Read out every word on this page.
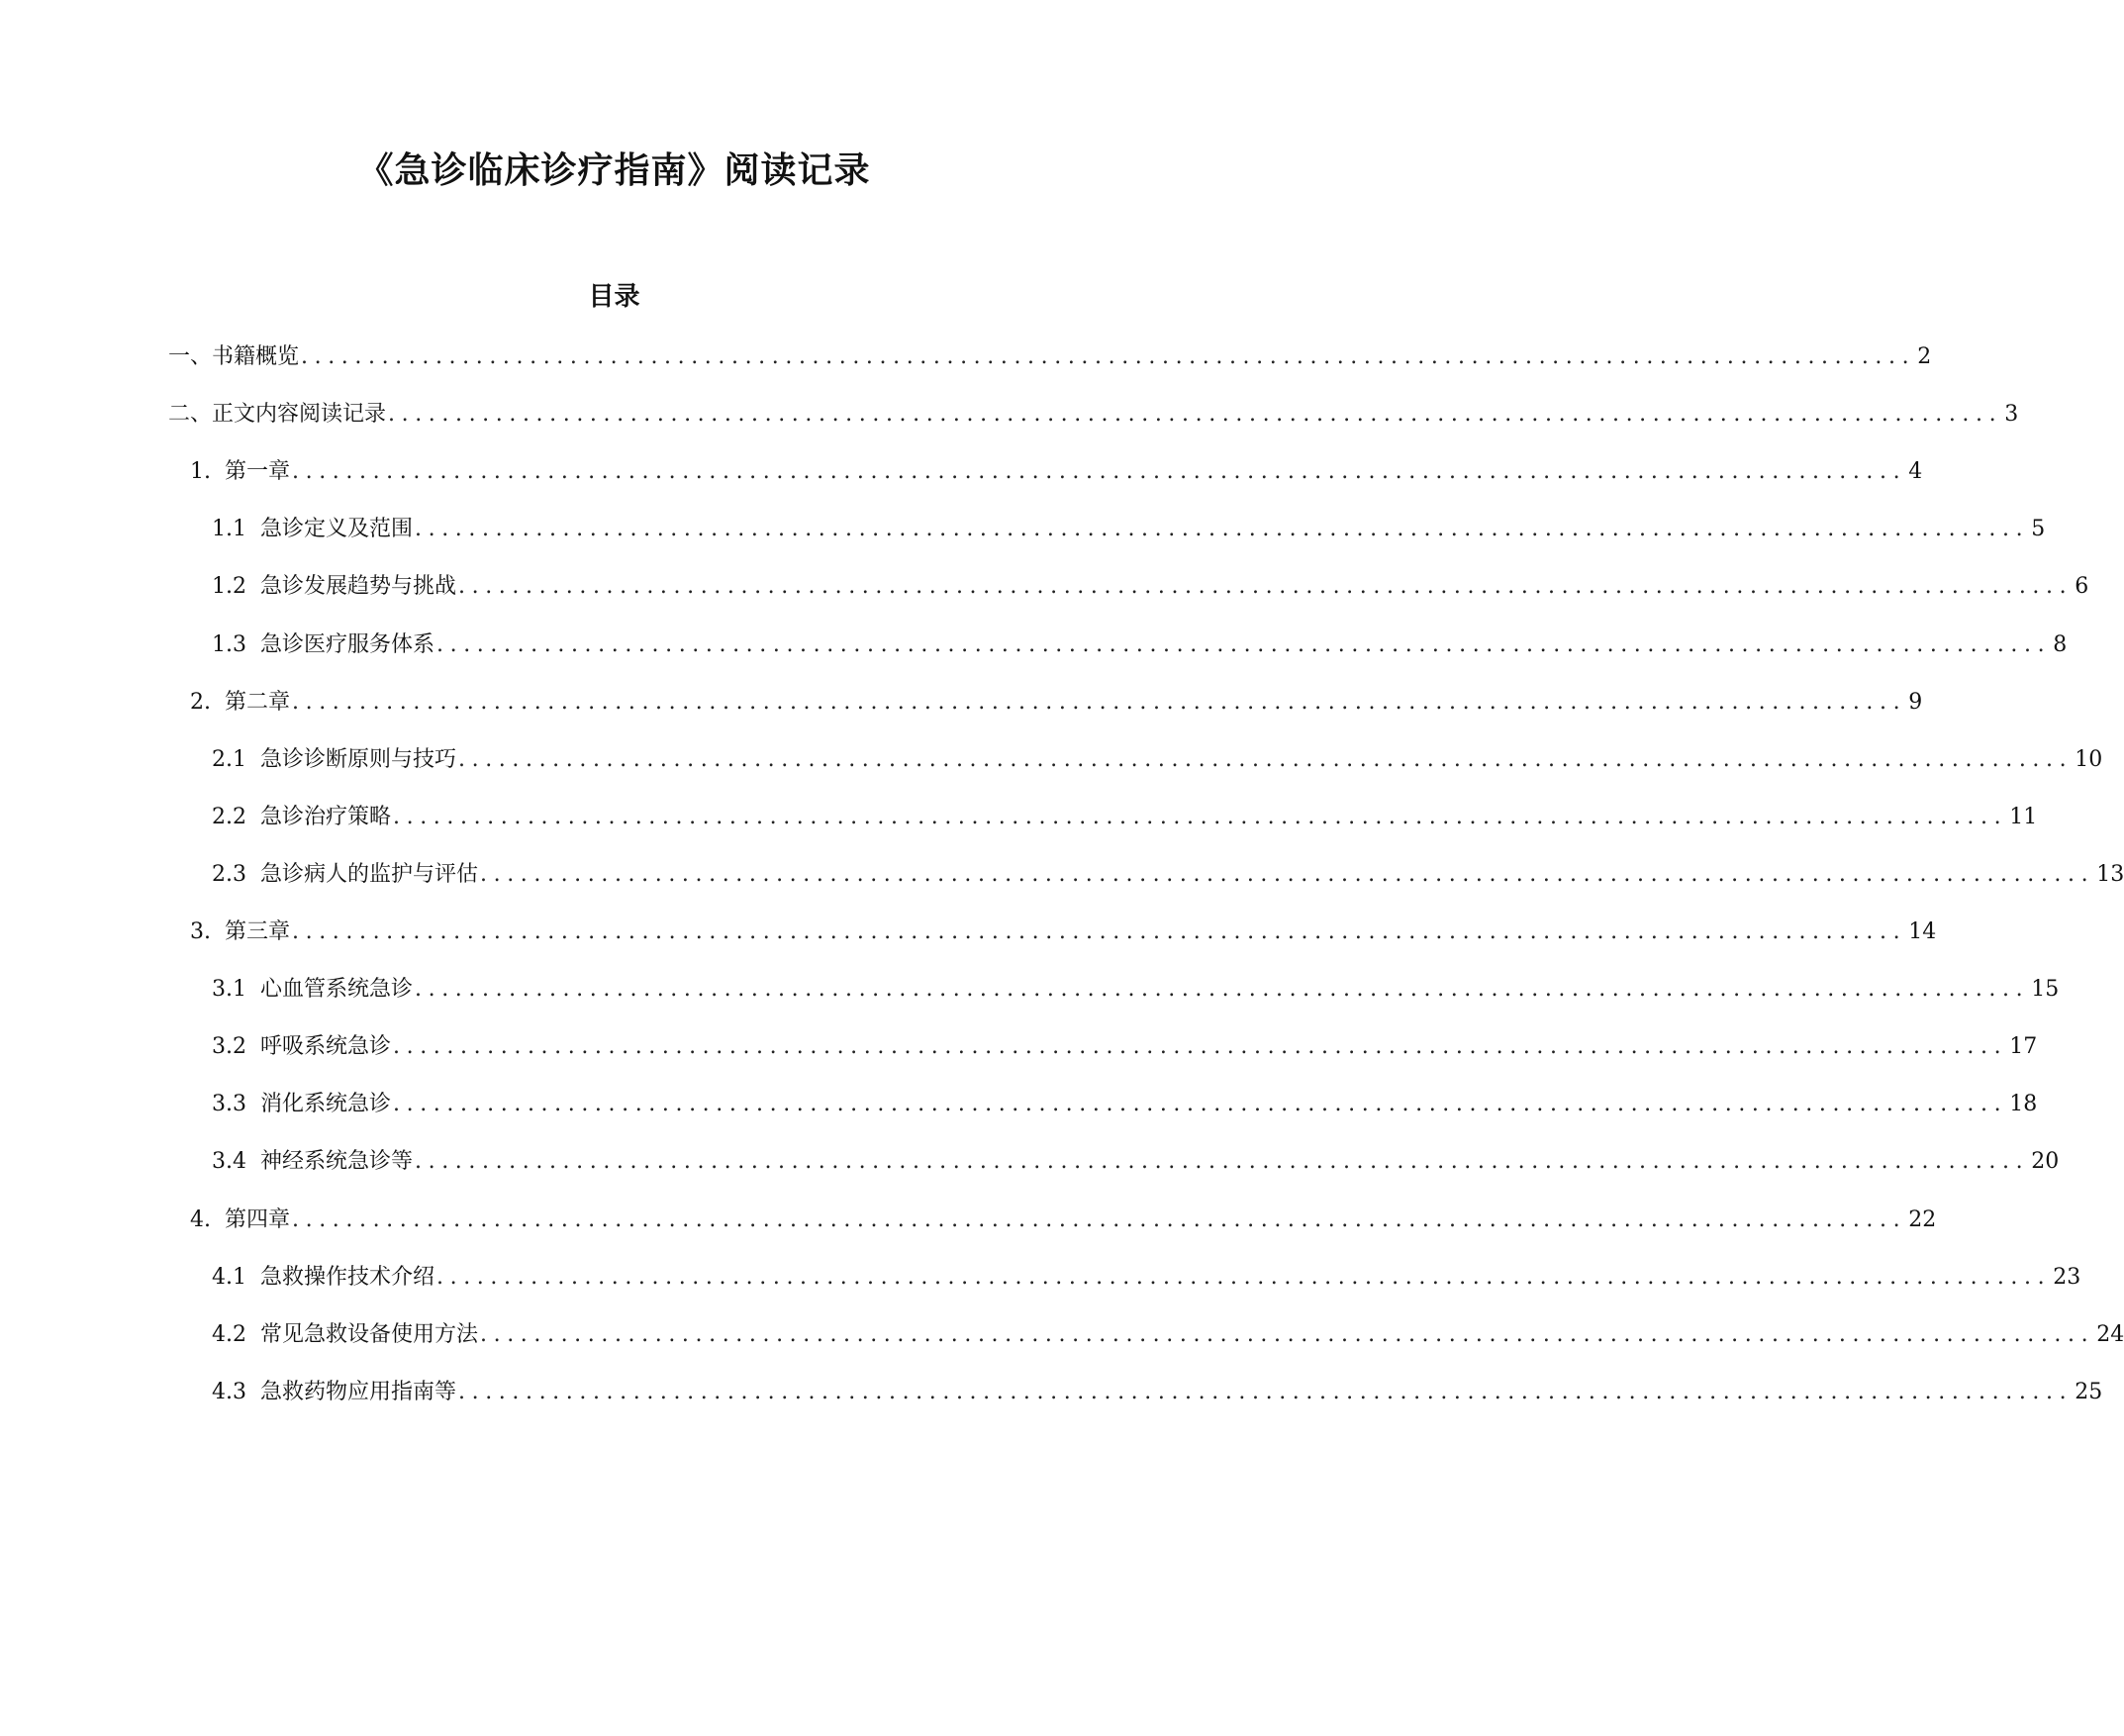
《急诊临床诊疗指南》阅读记录
目录
一、书籍概览 ........................................................................................................................ 2
二、正文内容阅读记录 ........................................................................................................................ 3
1. 第一章 ........................................................................................................................ 4
1.1 急诊定义及范围 ........................................................................................................................ 5
1.2 急诊发展趋势与挑战 ........................................................................................................................ 6
1.3 急诊医疗服务体系 ........................................................................................................................ 8
2. 第二章 ........................................................................................................................ 9
2.1 急诊诊断原则与技巧 ........................................................................................................................ 10
2.2 急诊治疗策略 ........................................................................................................................ 11
2.3 急诊病人的监护与评估 ........................................................................................................................ 13
3. 第三章 ........................................................................................................................ 14
3.1 心血管系统急诊 ........................................................................................................................ 15
3.2 呼吸系统急诊 ........................................................................................................................ 17
3.3 消化系统急诊 ........................................................................................................................ 18
3.4 神经系统急诊等 ........................................................................................................................ 20
4. 第四章 ........................................................................................................................ 22
4.1 急救操作技术介绍 ........................................................................................................................ 23
4.2 常见急救设备使用方法 ........................................................................................................................ 24
4.3 急救药物应用指南等 ........................................................................................................................ 25
